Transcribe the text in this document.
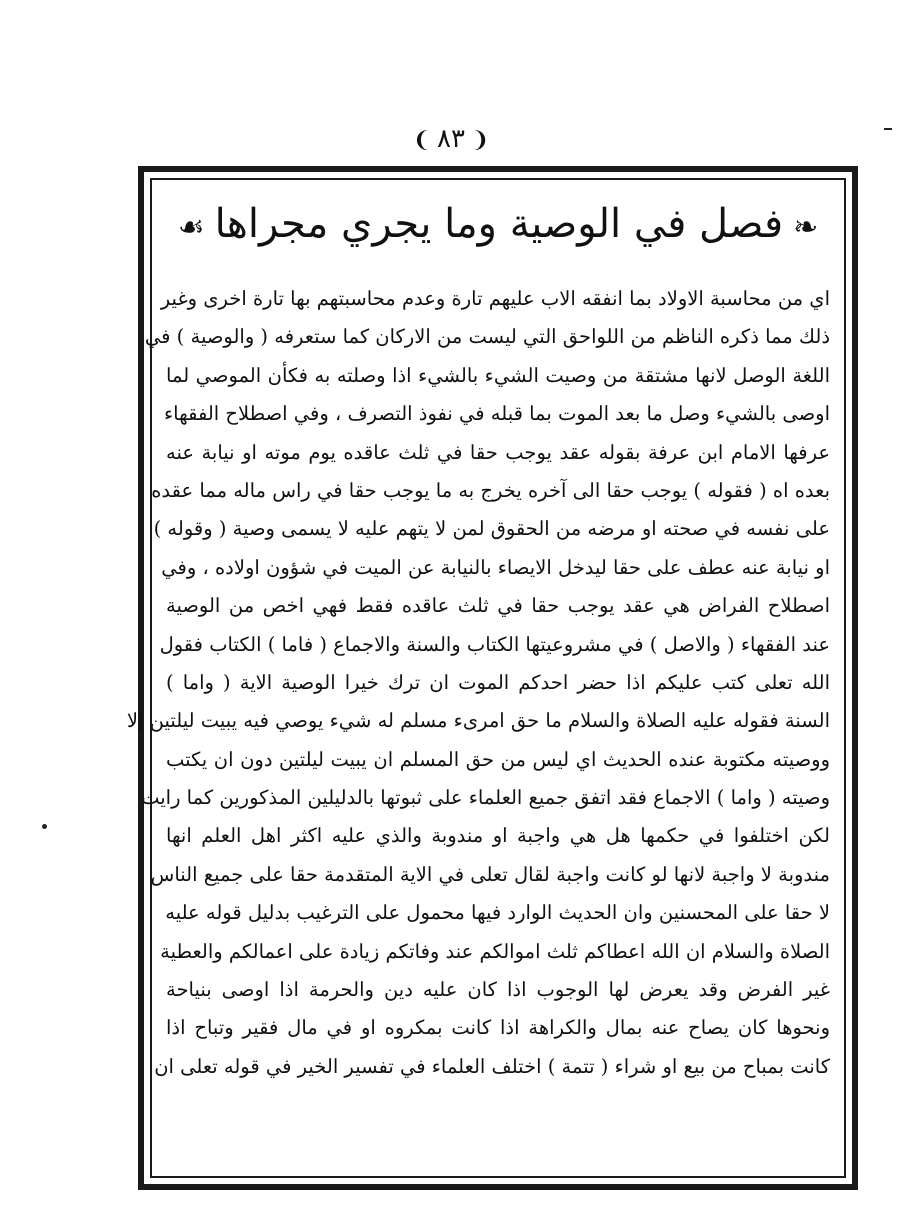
❨ ٨٣ ❩
❧فصل في الوصية وما يجري مجراها☙
اي من محاسبة الاولاد بما انفقه الاب عليهم تارة وعدم محاسبتهم بها تارة اخرى وغير
ذلك مما ذكره الناظم من اللواحق التي ليست من الاركان كما ستعرفه ( والوصية ) في
اللغة الوصل لانها مشتقة من وصيت الشيء بالشيء اذا وصلته به فكأن الموصي لما
اوصى بالشيء وصل ما بعد الموت بما قبله في نفوذ التصرف ، وفي اصطلاح الفقهاء
عرفها الامام ابن عرفة بقوله عقد يوجب حقا في ثلث عاقده يوم موته او نيابة عنه
بعده اه ( فقوله ) يوجب حقا الى آخره يخرج به ما يوجب حقا في راس ماله مما عقده
على نفسه في صحته او مرضه من الحقوق لمن لا يتهم عليه لا يسمى وصية ( وقوله )
او نيابة عنه عطف على حقا ليدخل الايصاء بالنيابة عن الميت في شؤون اولاده ، وفي
اصطلاح الفراض هي عقد يوجب حقا في ثلث عاقده فقط فهي اخص من الوصية
عند الفقهاء ( والاصل ) في مشروعيتها الكتاب والسنة والاجماع ( فاما ) الكتاب فقول
الله تعلى كتب عليكم اذا حضر احدكم الموت ان ترك خيرا الوصية الاية ( واما )
السنة فقوله عليه الصلاة والسلام ما حق امرىء مسلم له شيء يوصي فيه يبيت ليلتين إلا
ووصيته مكتوبة عنده الحديث اي ليس من حق المسلم ان يبيت ليلتين دون ان يكتب
وصيته ( واما ) الاجماع فقد اتفق جميع العلماء على ثبوتها بالدليلين المذكورين كما رايت
لكن اختلفوا في حكمها هل هي واجبة او مندوبة والذي عليه اكثر اهل العلم انها
مندوبة لا واجبة لانها لو كانت واجبة لقال تعلى في الاية المتقدمة حقا على جميع الناس
لا حقا على المحسنين وان الحديث الوارد فيها محمول على الترغيب بدليل قوله عليه
الصلاة والسلام ان الله اعطاكم ثلث اموالكم عند وفاتكم زيادة على اعمالكم والعطية
غير الفرض وقد يعرض لها الوجوب اذا كان عليه دين والحرمة اذا اوصى بنياحة
ونحوها كان يصاح عنه بمال والكراهة اذا كانت بمكروه او في مال فقير وتباح اذا
كانت بمباح من بيع او شراء ( تتمة ) اختلف العلماء في تفسير الخير في قوله تعلى ان
